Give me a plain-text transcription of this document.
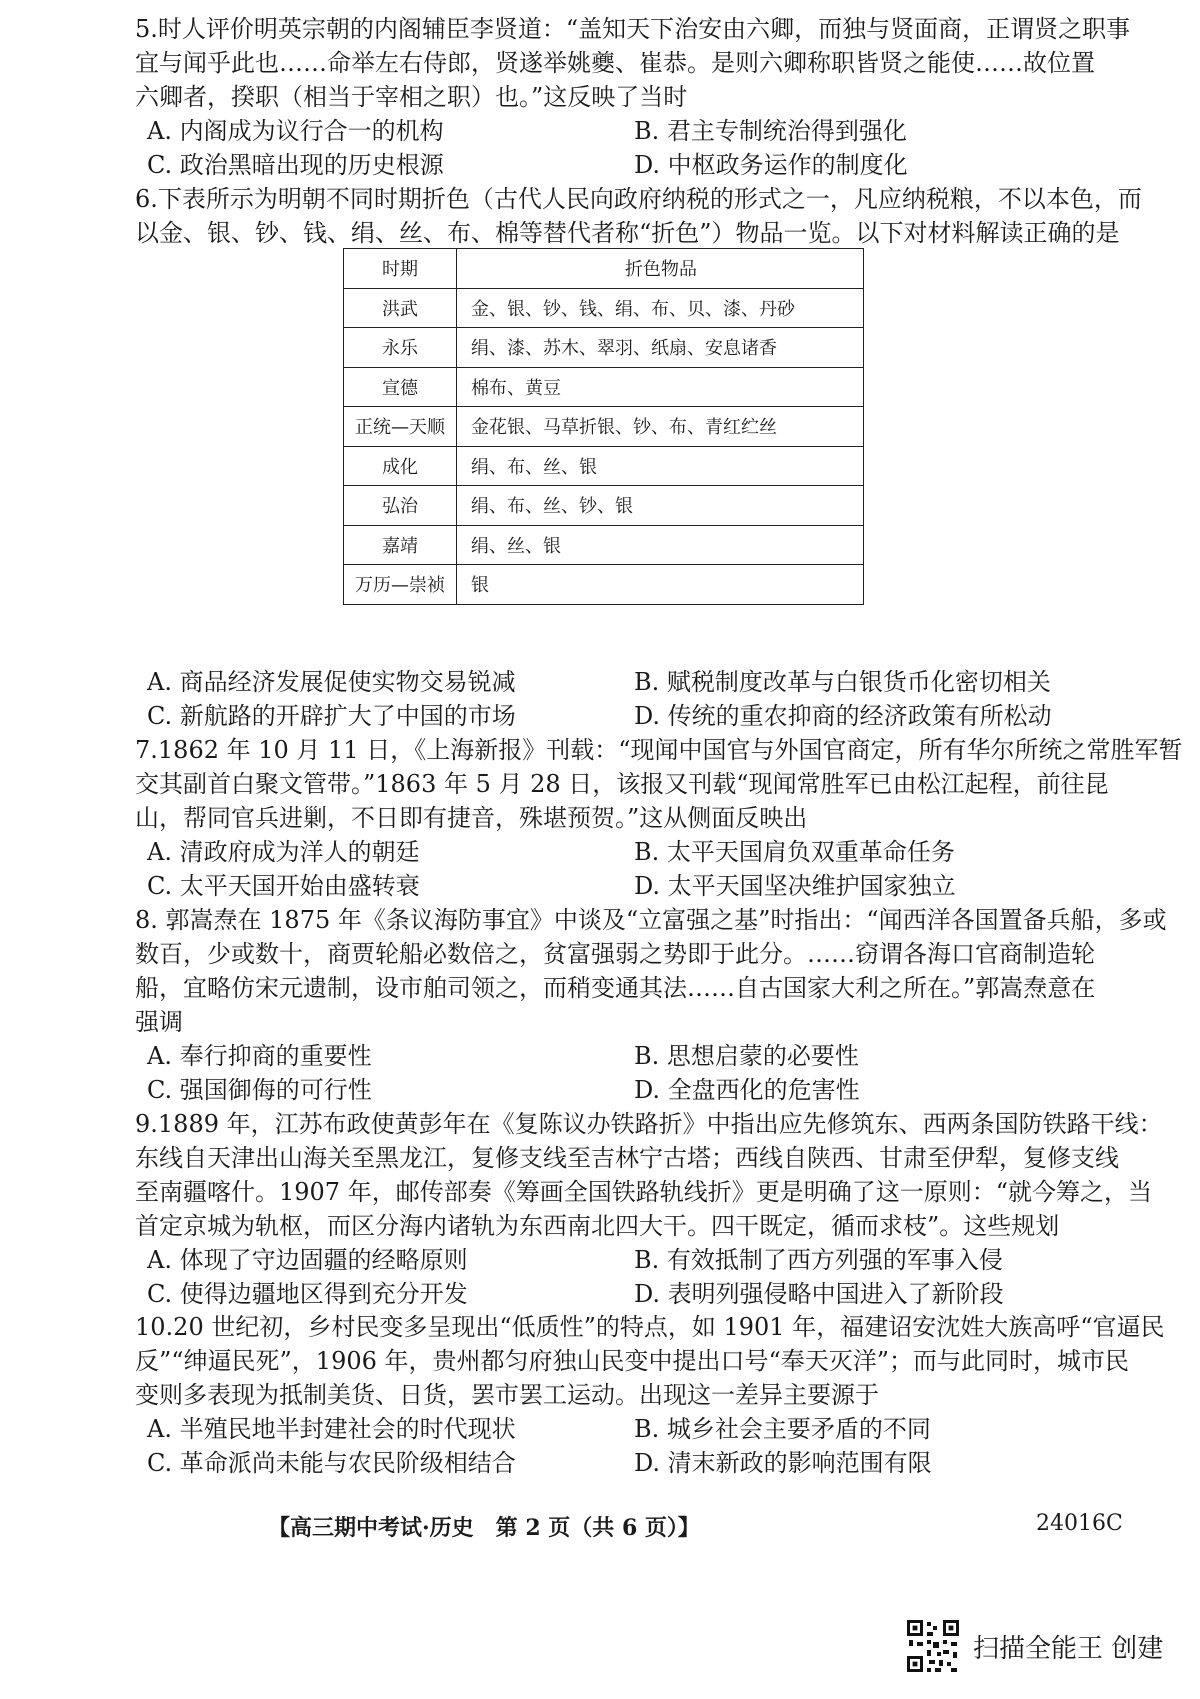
5.时人评价明英宗朝的内阁辅臣李贤道：“盖知天下治安由六卿，而独与贤面商，正谓贤之职事
宜与闻乎此也……命举左右侍郎，贤遂举姚夔、崔恭。是则六卿称职皆贤之能使……故位置
六卿者，揆职（相当于宰相之职）也。”这反映了当时
A. 内阁成为议行合一的机构	B. 君主专制统治得到强化
C. 政治黑暗出现的历史根源	D. 中枢政务运作的制度化
6.下表所示为明朝不同时期折色（古代人民向政府纳税的形式之一，凡应纳税粮，不以本色，而
以金、银、钞、钱、绢、丝、布、棉等替代者称“折色”）物品一览。以下对材料解读正确的是
时期	折色物品
洪武	金、银、钞、钱、绢、布、贝、漆、丹砂
永乐	绢、漆、苏木、翠羽、纸扇、安息诸香
宣德	棉布、黄豆
正统—天顺	金花银、马草折银、钞、布、青红纻丝
成化	绢、布、丝、银
弘治	绢、布、丝、钞、银
嘉靖	绢、丝、银
万历—崇祯	银
A. 商品经济发展促使实物交易锐减	B. 赋税制度改革与白银货币化密切相关
C. 新航路的开辟扩大了中国的市场	D. 传统的重农抑商的经济政策有所松动
7.1862 年 10 月 11 日，《上海新报》刊载：“现闻中国官与外国官商定，所有华尔所统之常胜军暂
交其副首白聚文管带。”1863 年 5 月 28 日，该报又刊载“现闻常胜军已由松江起程，前往昆
山，帮同官兵进剿，不日即有捷音，殊堪预贺。”这从侧面反映出
A. 清政府成为洋人的朝廷	B. 太平天国肩负双重革命任务
C. 太平天国开始由盛转衰	D. 太平天国坚决维护国家独立
8. 郭嵩焘在 1875 年《条议海防事宜》中谈及“立富强之基”时指出：“闻西洋各国置备兵船，多或
数百，少或数十，商贾轮船必数倍之，贫富强弱之势即于此分。……窃谓各海口官商制造轮
船，宜略仿宋元遗制，设市舶司领之，而稍变通其法……自古国家大利之所在。”郭嵩焘意在
强调
A. 奉行抑商的重要性	B. 思想启蒙的必要性
C. 强国御侮的可行性	D. 全盘西化的危害性
9.1889 年，江苏布政使黄彭年在《复陈议办铁路折》中指出应先修筑东、西两条国防铁路干线：
东线自天津出山海关至黑龙江，复修支线至吉林宁古塔；西线自陕西、甘肃至伊犁，复修支线
至南疆喀什。1907 年，邮传部奏《筹画全国铁路轨线折》更是明确了这一原则：“就今筹之，当
首定京城为轨枢，而区分海内诸轨为东西南北四大干。四干既定，循而求枝”。这些规划
A. 体现了守边固疆的经略原则	B. 有效抵制了西方列强的军事入侵
C. 使得边疆地区得到充分开发	D. 表明列强侵略中国进入了新阶段
10.20 世纪初，乡村民变多呈现出“低质性”的特点，如 1901 年，福建诏安沈姓大族高呼“官逼民
反”“绅逼民死”，1906 年，贵州都匀府独山民变中提出口号“奉天灭洋”；而与此同时，城市民
变则多表现为抵制美货、日货，罢市罢工运动。出现这一差异主要源于
A. 半殖民地半封建社会的时代现状	B. 城乡社会主要矛盾的不同
C. 革命派尚未能与农民阶级相结合	D. 清末新政的影响范围有限
【高三期中考试·历史　第 2 页（共 6 页）】	24016C
扫描全能王 创建
